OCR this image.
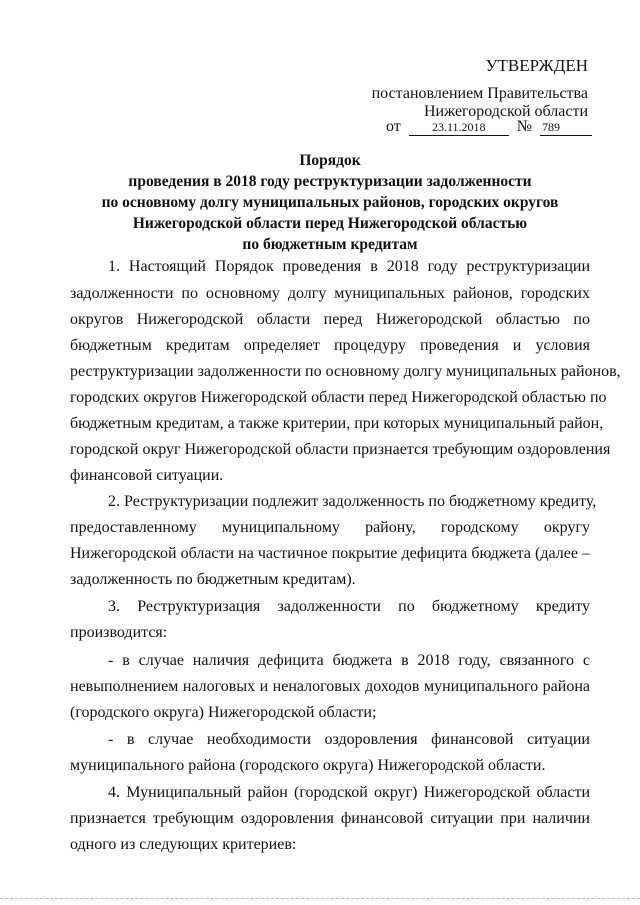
УТВЕРЖДЕН
постановлением Правительства
Нижегородской области
от	23.11.2018 № 789
Порядок
проведения в 2018 году реструктуризации задолженности
по основному долгу муниципальных районов, городских округов
Нижегородской области перед Нижегородской областью
по бюджетным кредитам
1. Настоящий Порядок проведения в 2018 году реструктуризации
задолженности по основному долгу муниципальных районов, городских
округов Нижегородской области перед Нижегородской областью по
бюджетным кредитам определяет процедуру проведения и условия
реструктуризации задолженности по основному долгу муниципальных районов,
городских округов Нижегородской области перед Нижегородской областью по
бюджетным кредитам, а также критерии, при которых муниципальный район,
городской округ Нижегородской области признается требующим оздоровления
финансовой ситуации.
2. Реструктуризации подлежит задолженность по бюджетному кредиту,
предоставленному муниципальному району, городскому округу
Нижегородской области на частичное покрытие дефицита бюджета (далее –
задолженность по бюджетным кредитам).
3. Реструктуризация задолженности по бюджетному кредиту
производится:
- в случае наличия дефицита бюджета в 2018 году, связанного с
невыполнением налоговых и неналоговых доходов муниципального района
(городского округа) Нижегородской области;
- в случае необходимости оздоровления финансовой ситуации
муниципального района (городского округа) Нижегородской области.
4. Муниципальный район (городской округ) Нижегородской области
признается требующим оздоровления финансовой ситуации при наличии
одного из следующих критериев:
